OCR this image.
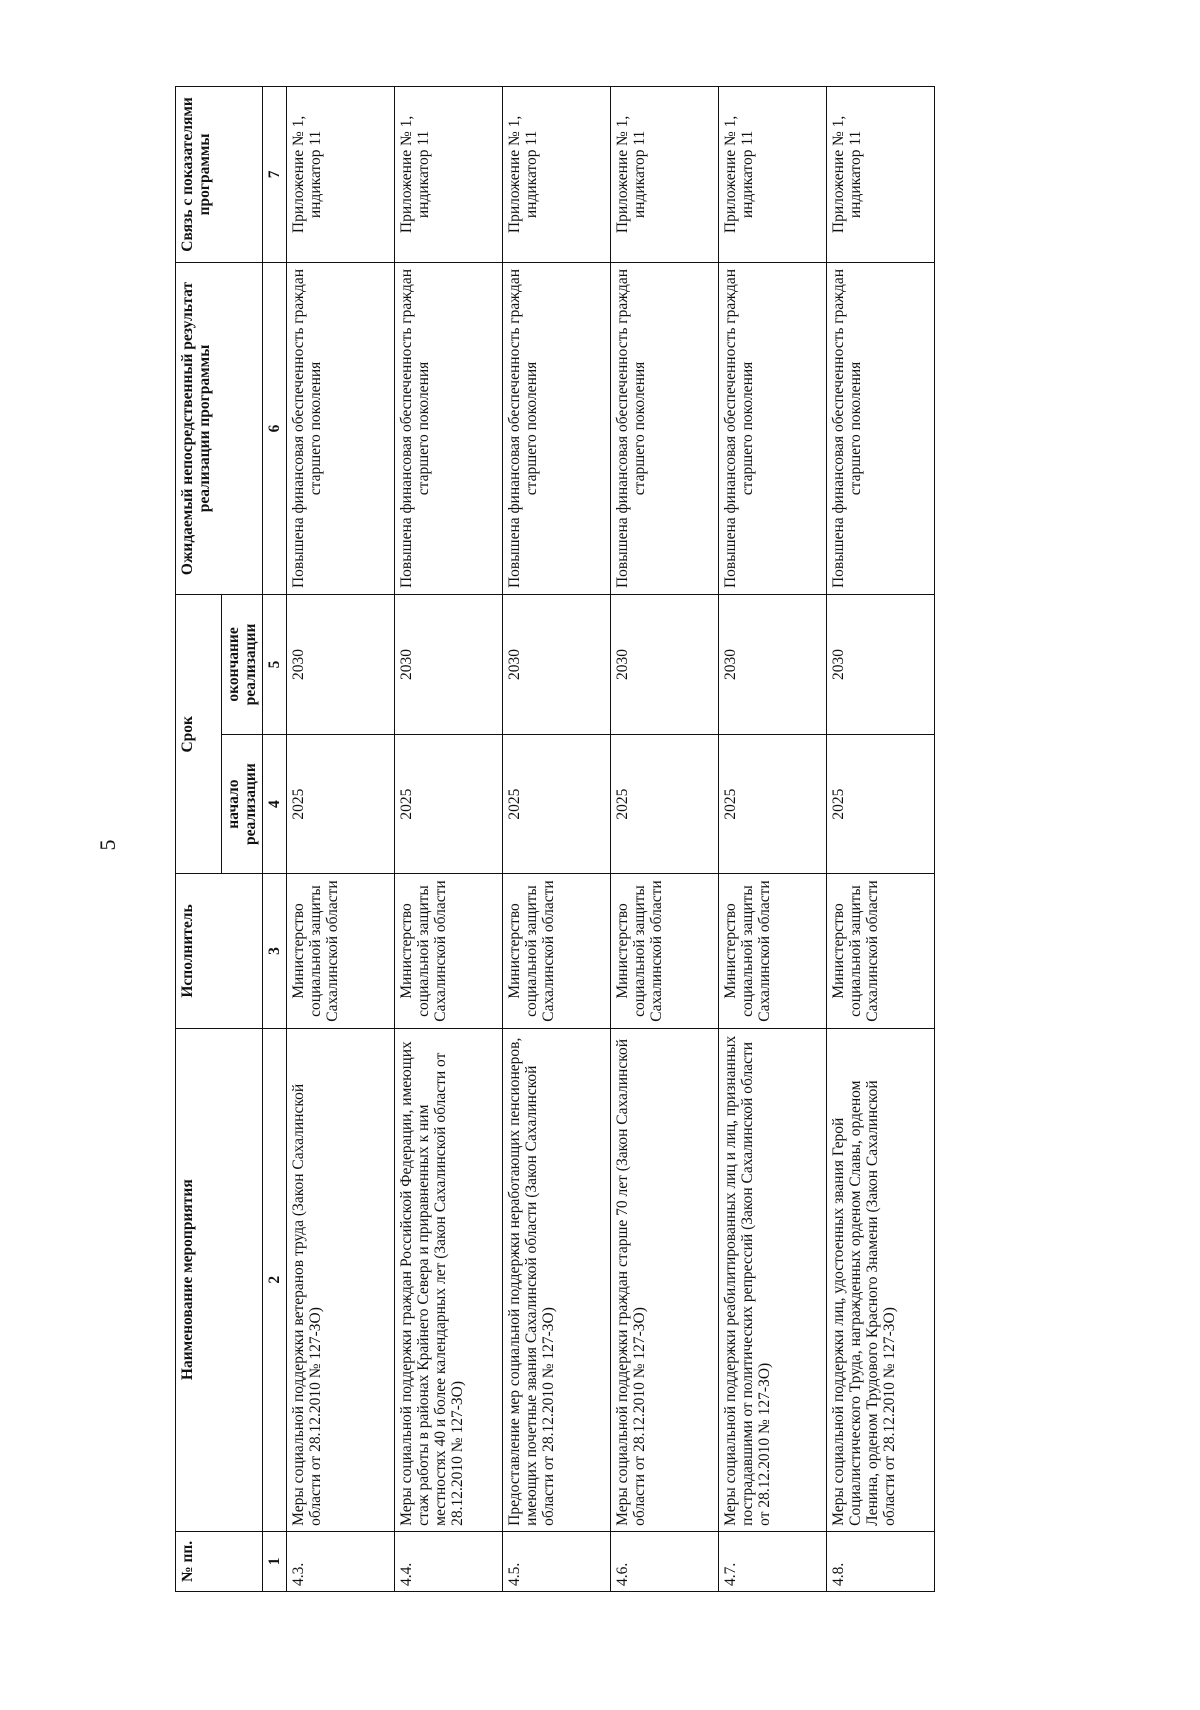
5
№ пп.	Наименование мероприятия	Исполнитель	Срок		Ожидаемый непосредственный результат реализации программы	Связь с показателями программы
			начало реализации	окончание реализации		
1	2	3	4	5	6	7
4.3.	Меры социальной поддержки ветеранов труда (Закон Сахалинской области от 28.12.2010 № 127-ЗО)	Министерство социальной защиты Сахалинской области	2025	2030	Повышена финансовая обеспеченность граждан старшего поколения	Приложение № 1, индикатор 11
4.4.	Меры социальной поддержки граждан Российской Федерации, имеющих стаж работы в районах Крайнего Севера и приравненных к ним местностях 40 и более календарных лет (Закон Сахалинской области от 28.12.2010 № 127-ЗО)	Министерство социальной защиты Сахалинской области	2025	2030	Повышена финансовая обеспеченность граждан старшего поколения	Приложение № 1, индикатор 11
4.5.	Предоставление мер социальной поддержки неработающих пенсионеров, имеющих почетные звания Сахалинской области (Закон Сахалинской области от 28.12.2010 № 127-ЗО)	Министерство социальной защиты Сахалинской области	2025	2030	Повышена финансовая обеспеченность граждан старшего поколения	Приложение № 1, индикатор 11
4.6.	Меры социальной поддержки граждан старше 70 лет (Закон Сахалинской области от 28.12.2010 № 127-ЗО)	Министерство социальной защиты Сахалинской области	2025	2030	Повышена финансовая обеспеченность граждан старшего поколения	Приложение № 1, индикатор 11
4.7.	Меры социальной поддержки реабилитированных лиц и лиц, признанных пострадавшими от политических репрессий (Закон Сахалинской области от 28.12.2010 № 127-ЗО)	Министерство социальной защиты Сахалинской области	2025	2030	Повышена финансовая обеспеченность граждан старшего поколения	Приложение № 1, индикатор 11
4.8.	Меры социальной поддержки лиц, удостоенных звания Герой Социалистического Труда, награжденных орденом Славы, орденом Ленина, орденом Трудового Красного Знамени (Закон Сахалинской области от 28.12.2010 № 127-ЗО)	Министерство социальной защиты Сахалинской области	2025	2030	Повышена финансовая обеспеченность граждан старшего поколения	Приложение № 1, индикатор 11
